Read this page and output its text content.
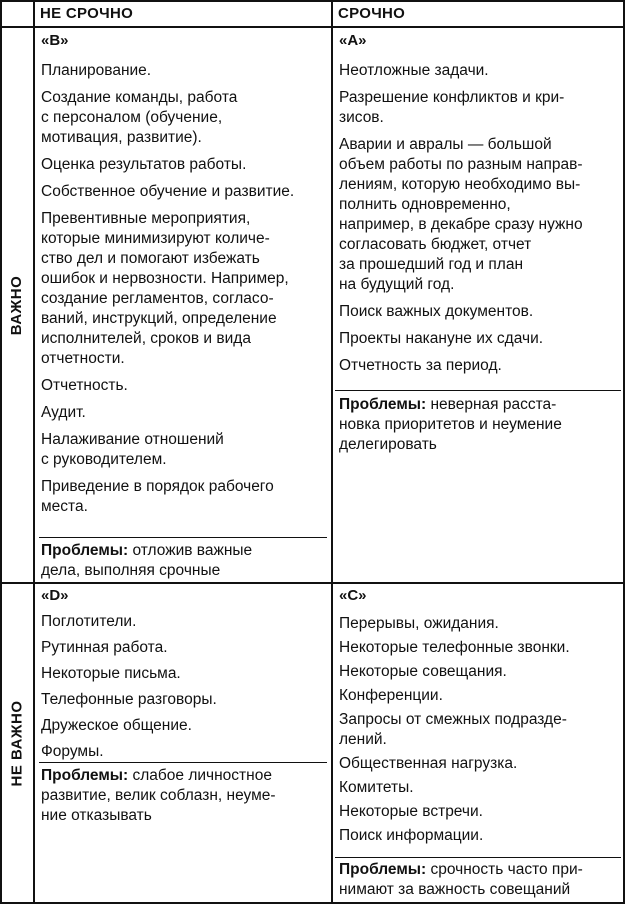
НЕ СРОЧНО	СРОЧНО
ВАЖНО
НЕ ВАЖНО

«В»

Планирование.

Создание команды, работа
с персоналом (обучение,
мотивация, развитие).

Оценка результатов работы.

Собственное обучение и развитие.

Превентивные мероприятия,
которые минимизируют количе-
ство дел и помогают избежать
ошибок и нервозности. Например,
создание регламентов, согласо-
ваний, инструкций, определение
исполнителей, сроков и вида
отчетности.

Отчетность.

Аудит.

Налаживание отношений
с руководителем.

Приведение в порядок рабочего
места.

Проблемы: отложив важные
дела, выполняя срочные

«А»

Неотложные задачи.

Разрешение конфликтов и кри-
зисов.

Аварии и авралы — большой
объем работы по разным направ-
лениям, которую необходимо вы-
полнить одновременно,
например, в декабре сразу нужно
согласовать бюджет, отчет
за прошедший год и план
на будущий год.

Поиск важных документов.

Проекты накануне их сдачи.

Отчетность за период.

Проблемы: неверная расста-
новка приоритетов и неумение
делегировать

«D»

Поглотители.

Рутинная работа.

Некоторые письма.

Телефонные разговоры.

Дружеское общение.

Форумы.

Проблемы: слабое личностное
развитие, велик соблазн, неуме-
ние отказывать

«С»

Перерывы, ожидания.

Некоторые телефонные звонки.

Некоторые совещания.

Конференции.

Запросы от смежных подразде-
лений.

Общественная нагрузка.

Комитеты.

Некоторые встречи.

Поиск информации.

Проблемы: срочность часто при-
нимают за важность совещаний
